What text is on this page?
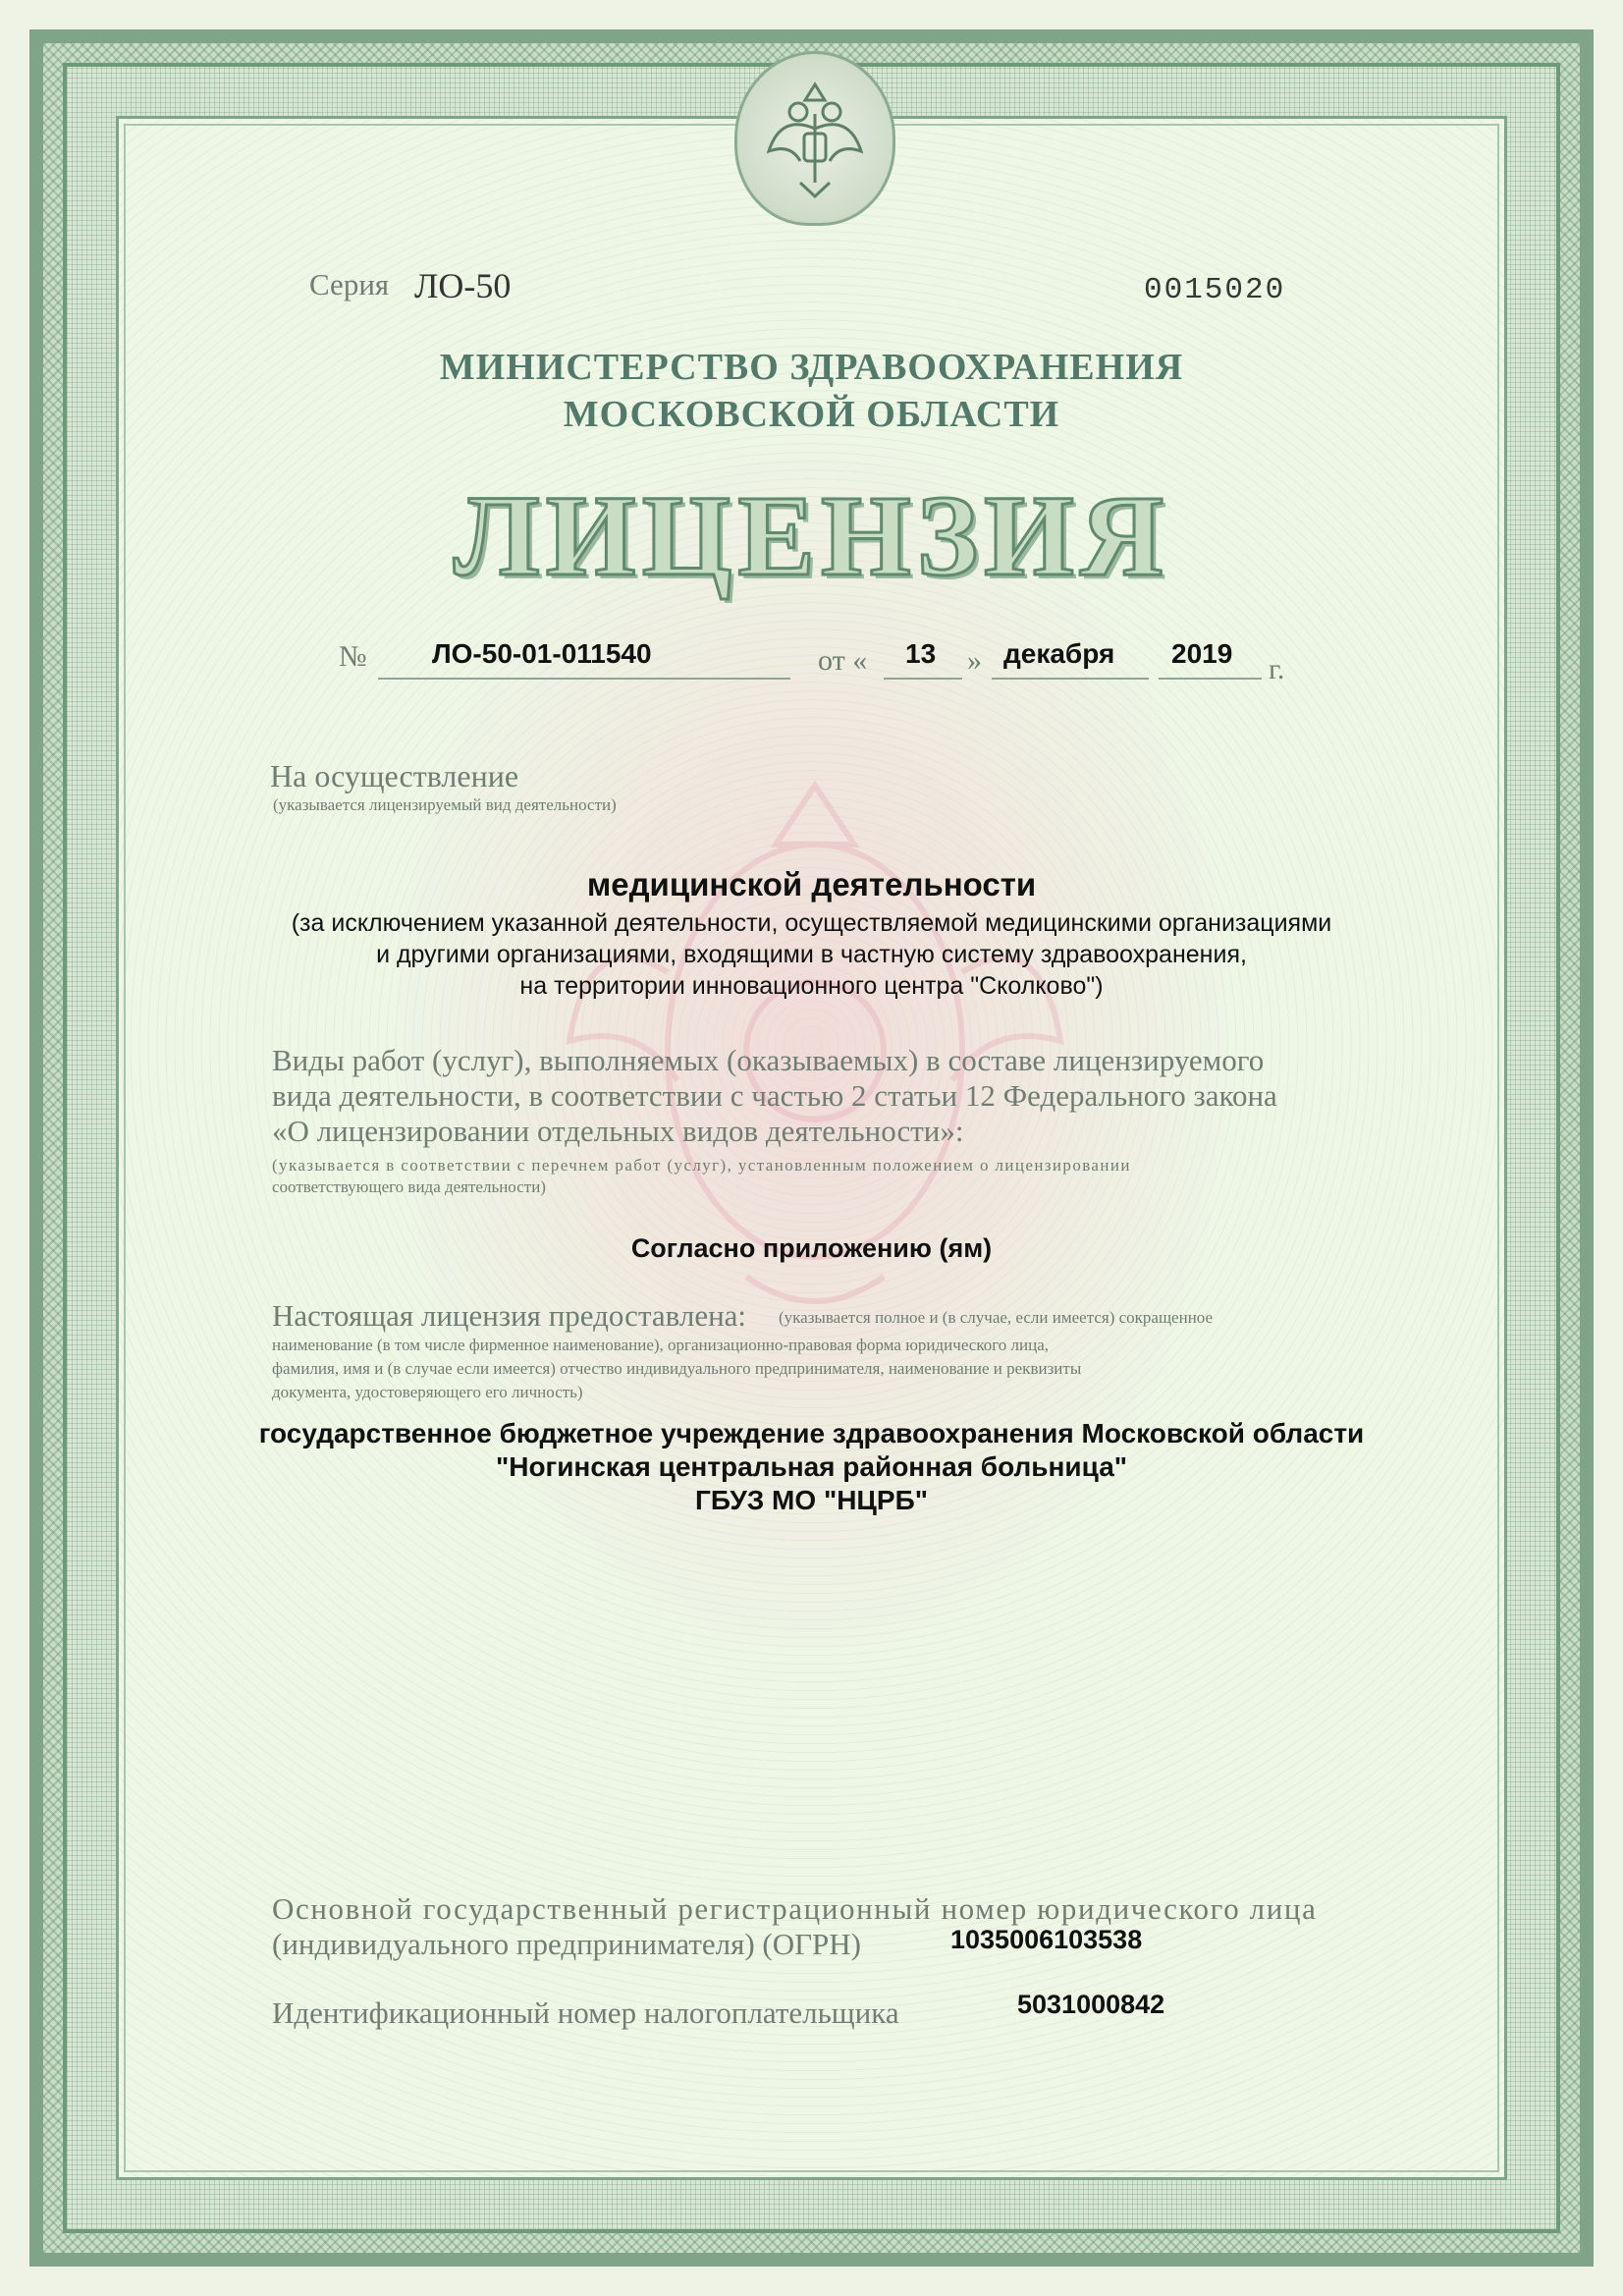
Серия ЛО-50	0015020

МИНИСТЕРСТВО ЗДРАВООХРАНЕНИЯ

МОСКОВСКОЙ ОБЛАСТИ

ЛИЦЕНЗИЯ

№ ЛО-50-01-011540	от « 13 » декабря 2019 г.

На осуществление

(указывается лицензируемый вид деятельности)

медицинской деятельности

(за исключением указанной деятельности, осуществляемой медицинскими организациями

и другими организациями, входящими в частную систему здравоохранения,

на территории инновационного центра "Сколково")

Виды работ (услуг), выполняемых (оказываемых) в составе лицензируемого

вида деятельности, в соответствии с частью 2 статьи 12 Федерального закона

«О лицензировании отдельных видов деятельности»:

(указывается в соответствии с перечнем работ (услуг), установленным положением о лицензировании

соответствующего вида деятельности)

Согласно приложению (ям)

Настоящая лицензия предоставлена: (указывается полное и (в случае, если имеется) сокращенное

наименование (в том числе фирменное наименование), организационно-правовая форма юридического лица,

фамилия, имя и (в случае если имеется) отчество индивидуального предпринимателя, наименование и реквизиты

документа, удостоверяющего его личность)

государственное бюджетное учреждение здравоохранения Московской области

"Ногинская центральная районная больница"

ГБУЗ МО "НЦРБ"

Основной государственный регистрационный номер юридического лица

(индивидуального предпринимателя) (ОГРН)	1035006103538

Идентификационный номер налогоплательщика	5031000842
